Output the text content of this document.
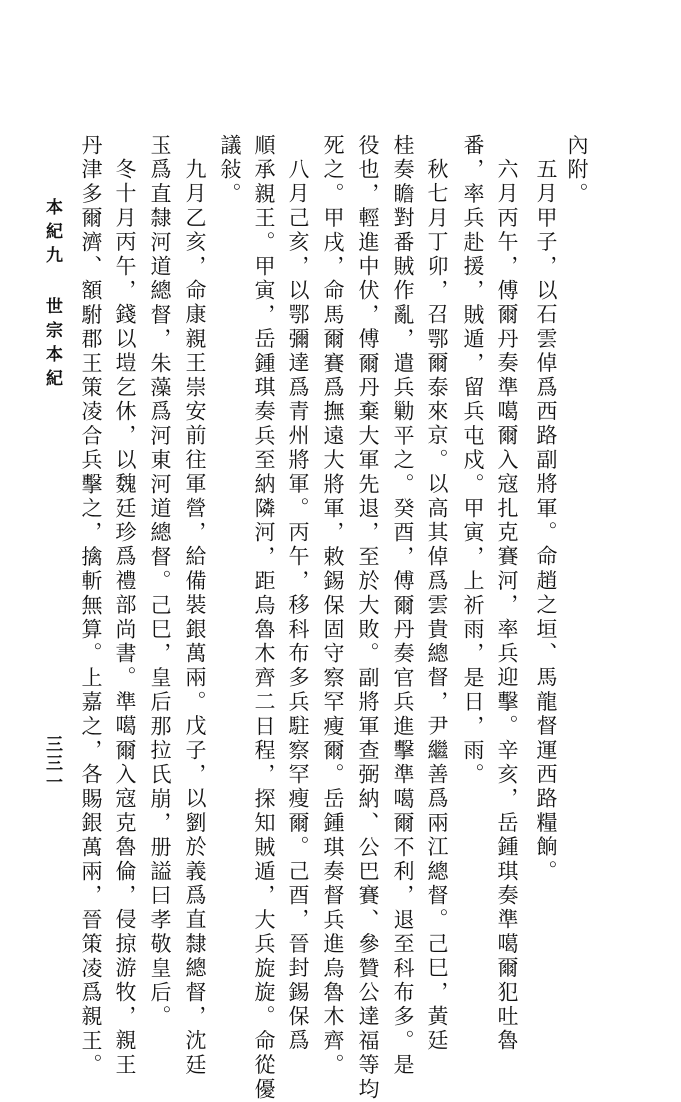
內附。
五月甲子，以石雲倬爲西路副將軍。命趙之垣、馬龍督運西路糧餉。
六月丙午，傅爾丹奏準噶爾入寇扎克賽河，率兵迎擊。辛亥，岳鍾琪奏準噶爾犯吐魯
番，率兵赴援，賊遁，留兵屯戍。甲寅，上祈雨，是日，雨。
秋七月丁卯，召鄂爾泰來京。以高其倬爲雲貴總督，尹繼善爲兩江總督。己巳，黃廷
桂奏瞻對番賊作亂，遣兵勦平之。癸酉，傅爾丹奏官兵進擊準噶爾不利，退至科布多。是
役也，輕進中伏，傅爾丹棄大軍先退，至於大敗。副將軍查弼納、公巴賽、參贊公達福等均
死之。甲戌，命馬爾賽爲撫遠大將軍，敕錫保固守察罕瘦爾。岳鍾琪奏督兵進烏魯木齊。
八月己亥，以鄂彌達爲青州將軍。丙午，移科布多兵駐察罕瘦爾。己酉，晉封錫保爲
順承親王。甲寅，岳鍾琪奏兵至納隣河，距烏魯木齊二日程，探知賊遁，大兵旋旋。命從優
議敍。
九月乙亥，命康親王崇安前往軍營，給備裝銀萬兩。戊子，以劉於義爲直隸總督，沈廷
玉爲直隸河道總督，朱藻爲河東河道總督。己巳，皇后那拉氏崩，册謚曰孝敬皇后。
冬十月丙午，錢以塏乞休，以魏廷珍爲禮部尚書。準噶爾入寇克魯倫，侵掠游牧，親王
丹津多爾濟、額駙郡王策凌合兵擊之，擒斬無算。上嘉之，各賜銀萬兩，晉策凌爲親王。
本紀九
世宗本紀
三三一
